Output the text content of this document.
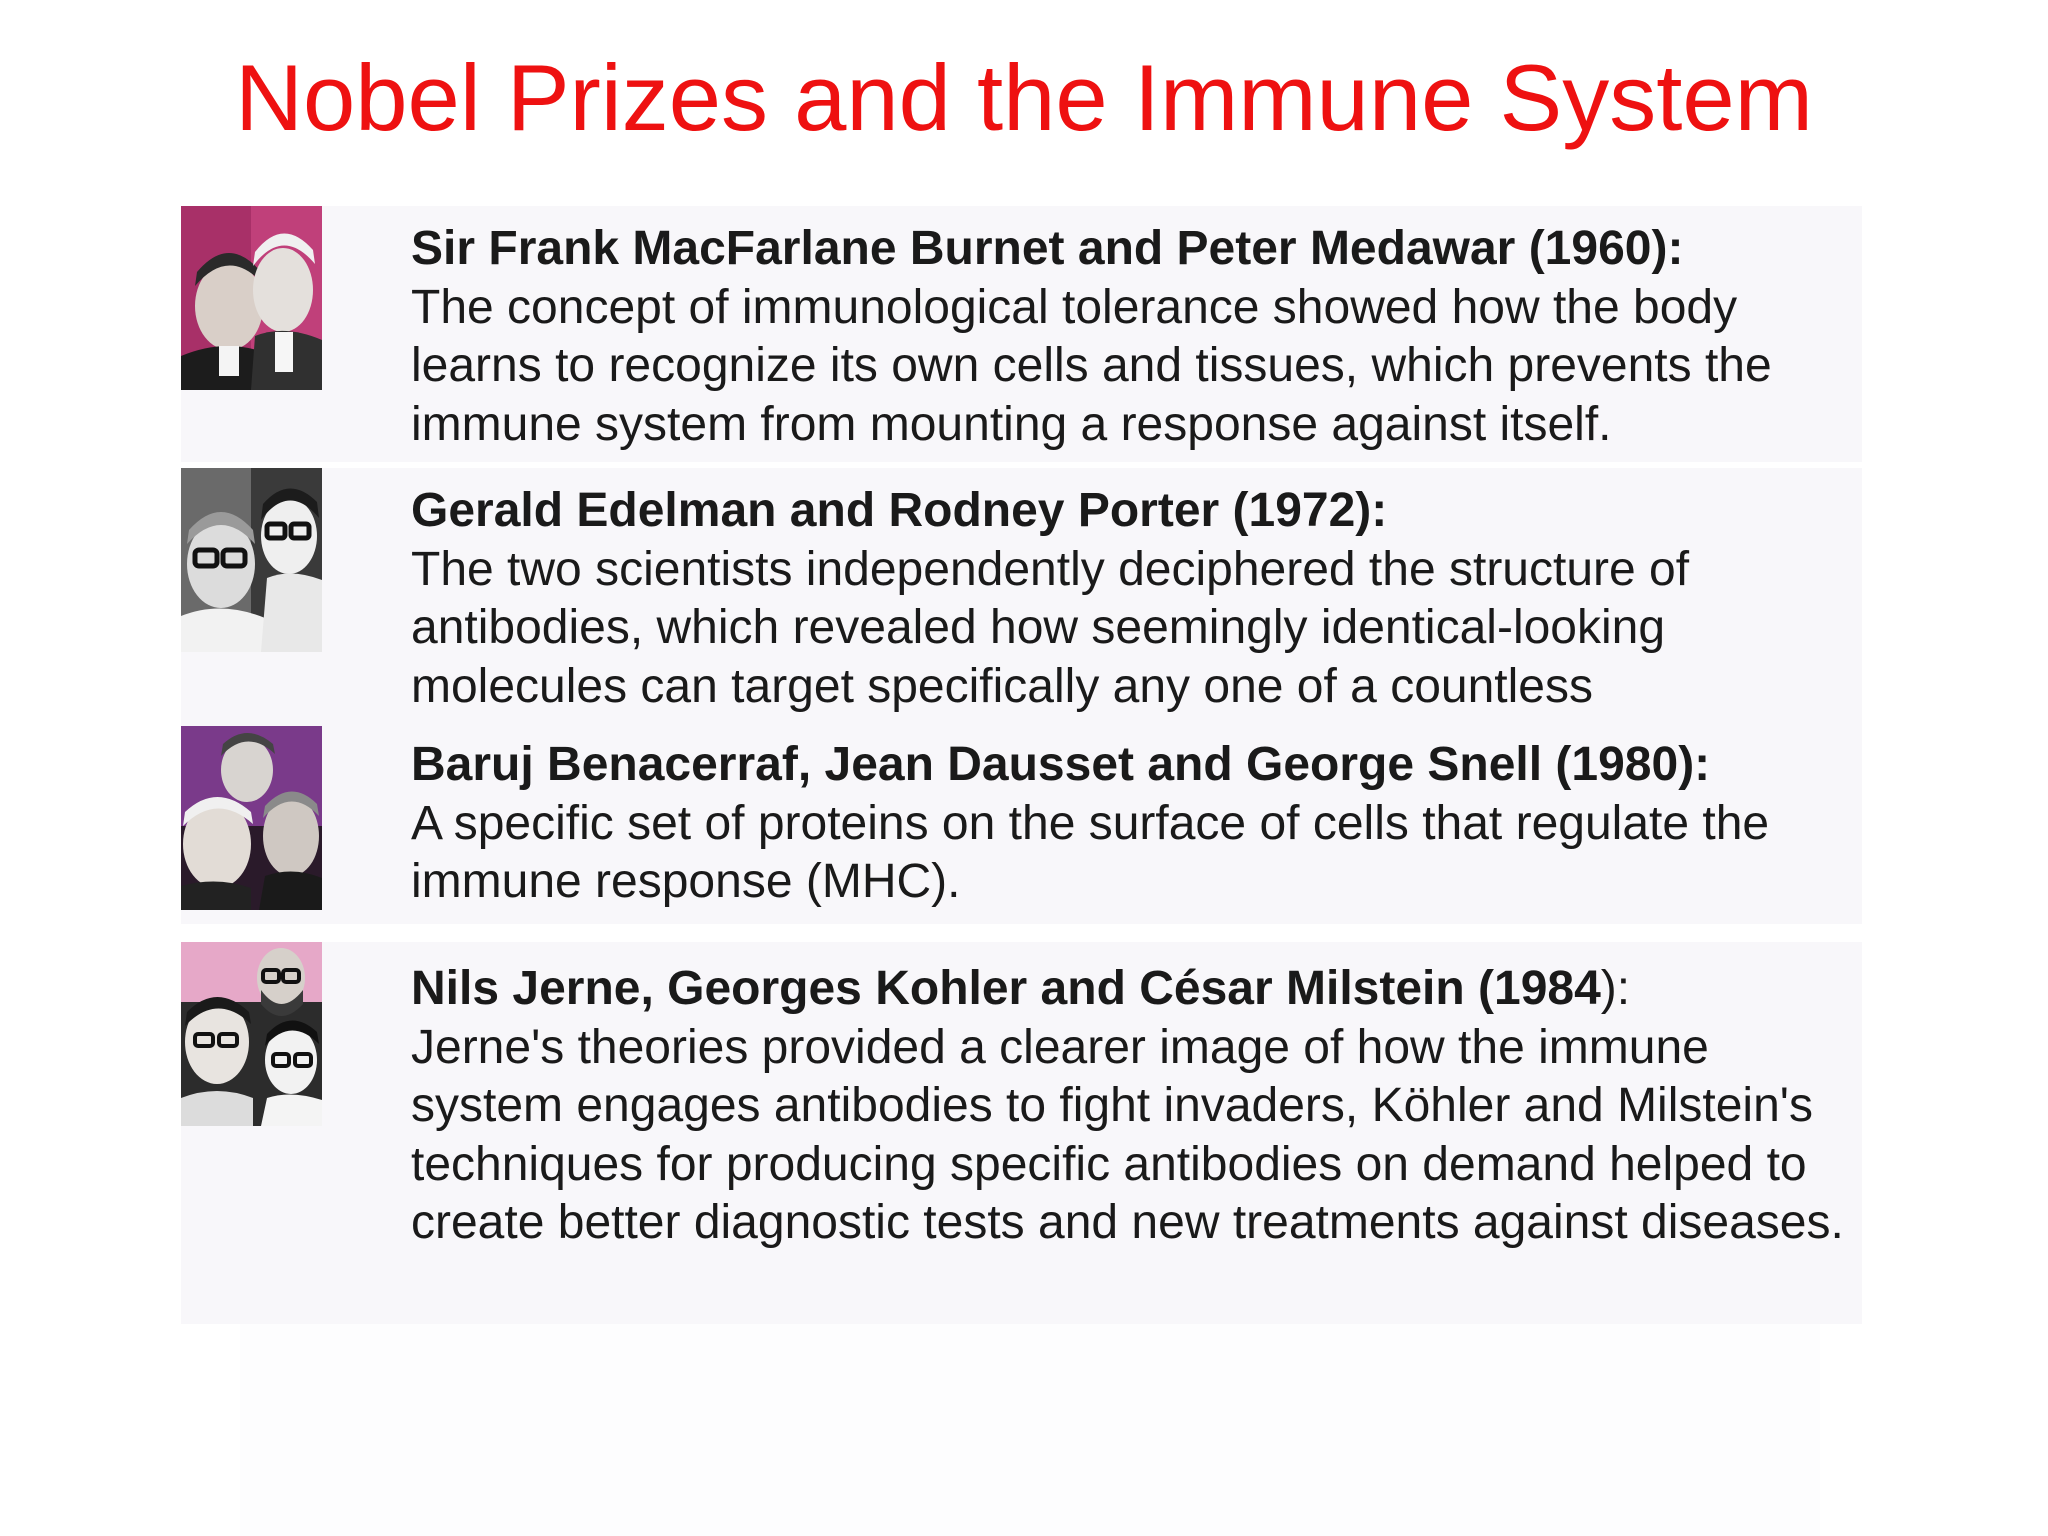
Nobel Prizes and the Immune System
Sir Frank MacFarlane Burnet and Peter Medawar (1960):
The concept of immunological tolerance showed how the body learns to recognize its own cells and tissues, which prevents the immune system from mounting a response against itself.
Gerald Edelman and Rodney Porter (1972):
The two scientists independently deciphered the structure of antibodies, which revealed how seemingly identical-looking molecules can target specifically any one of a countless
Baruj Benacerraf, Jean Dausset and George Snell (1980):
A specific set of proteins on the surface of cells that regulate the immune response (MHC).
Nils Jerne, Georges Kohler and César Milstein (1984):
Jerne's theories provided a clearer image of how the immune system engages antibodies to fight invaders, Köhler and Milstein's techniques for producing specific antibodies on demand helped to create better diagnostic tests and new treatments against diseases.
